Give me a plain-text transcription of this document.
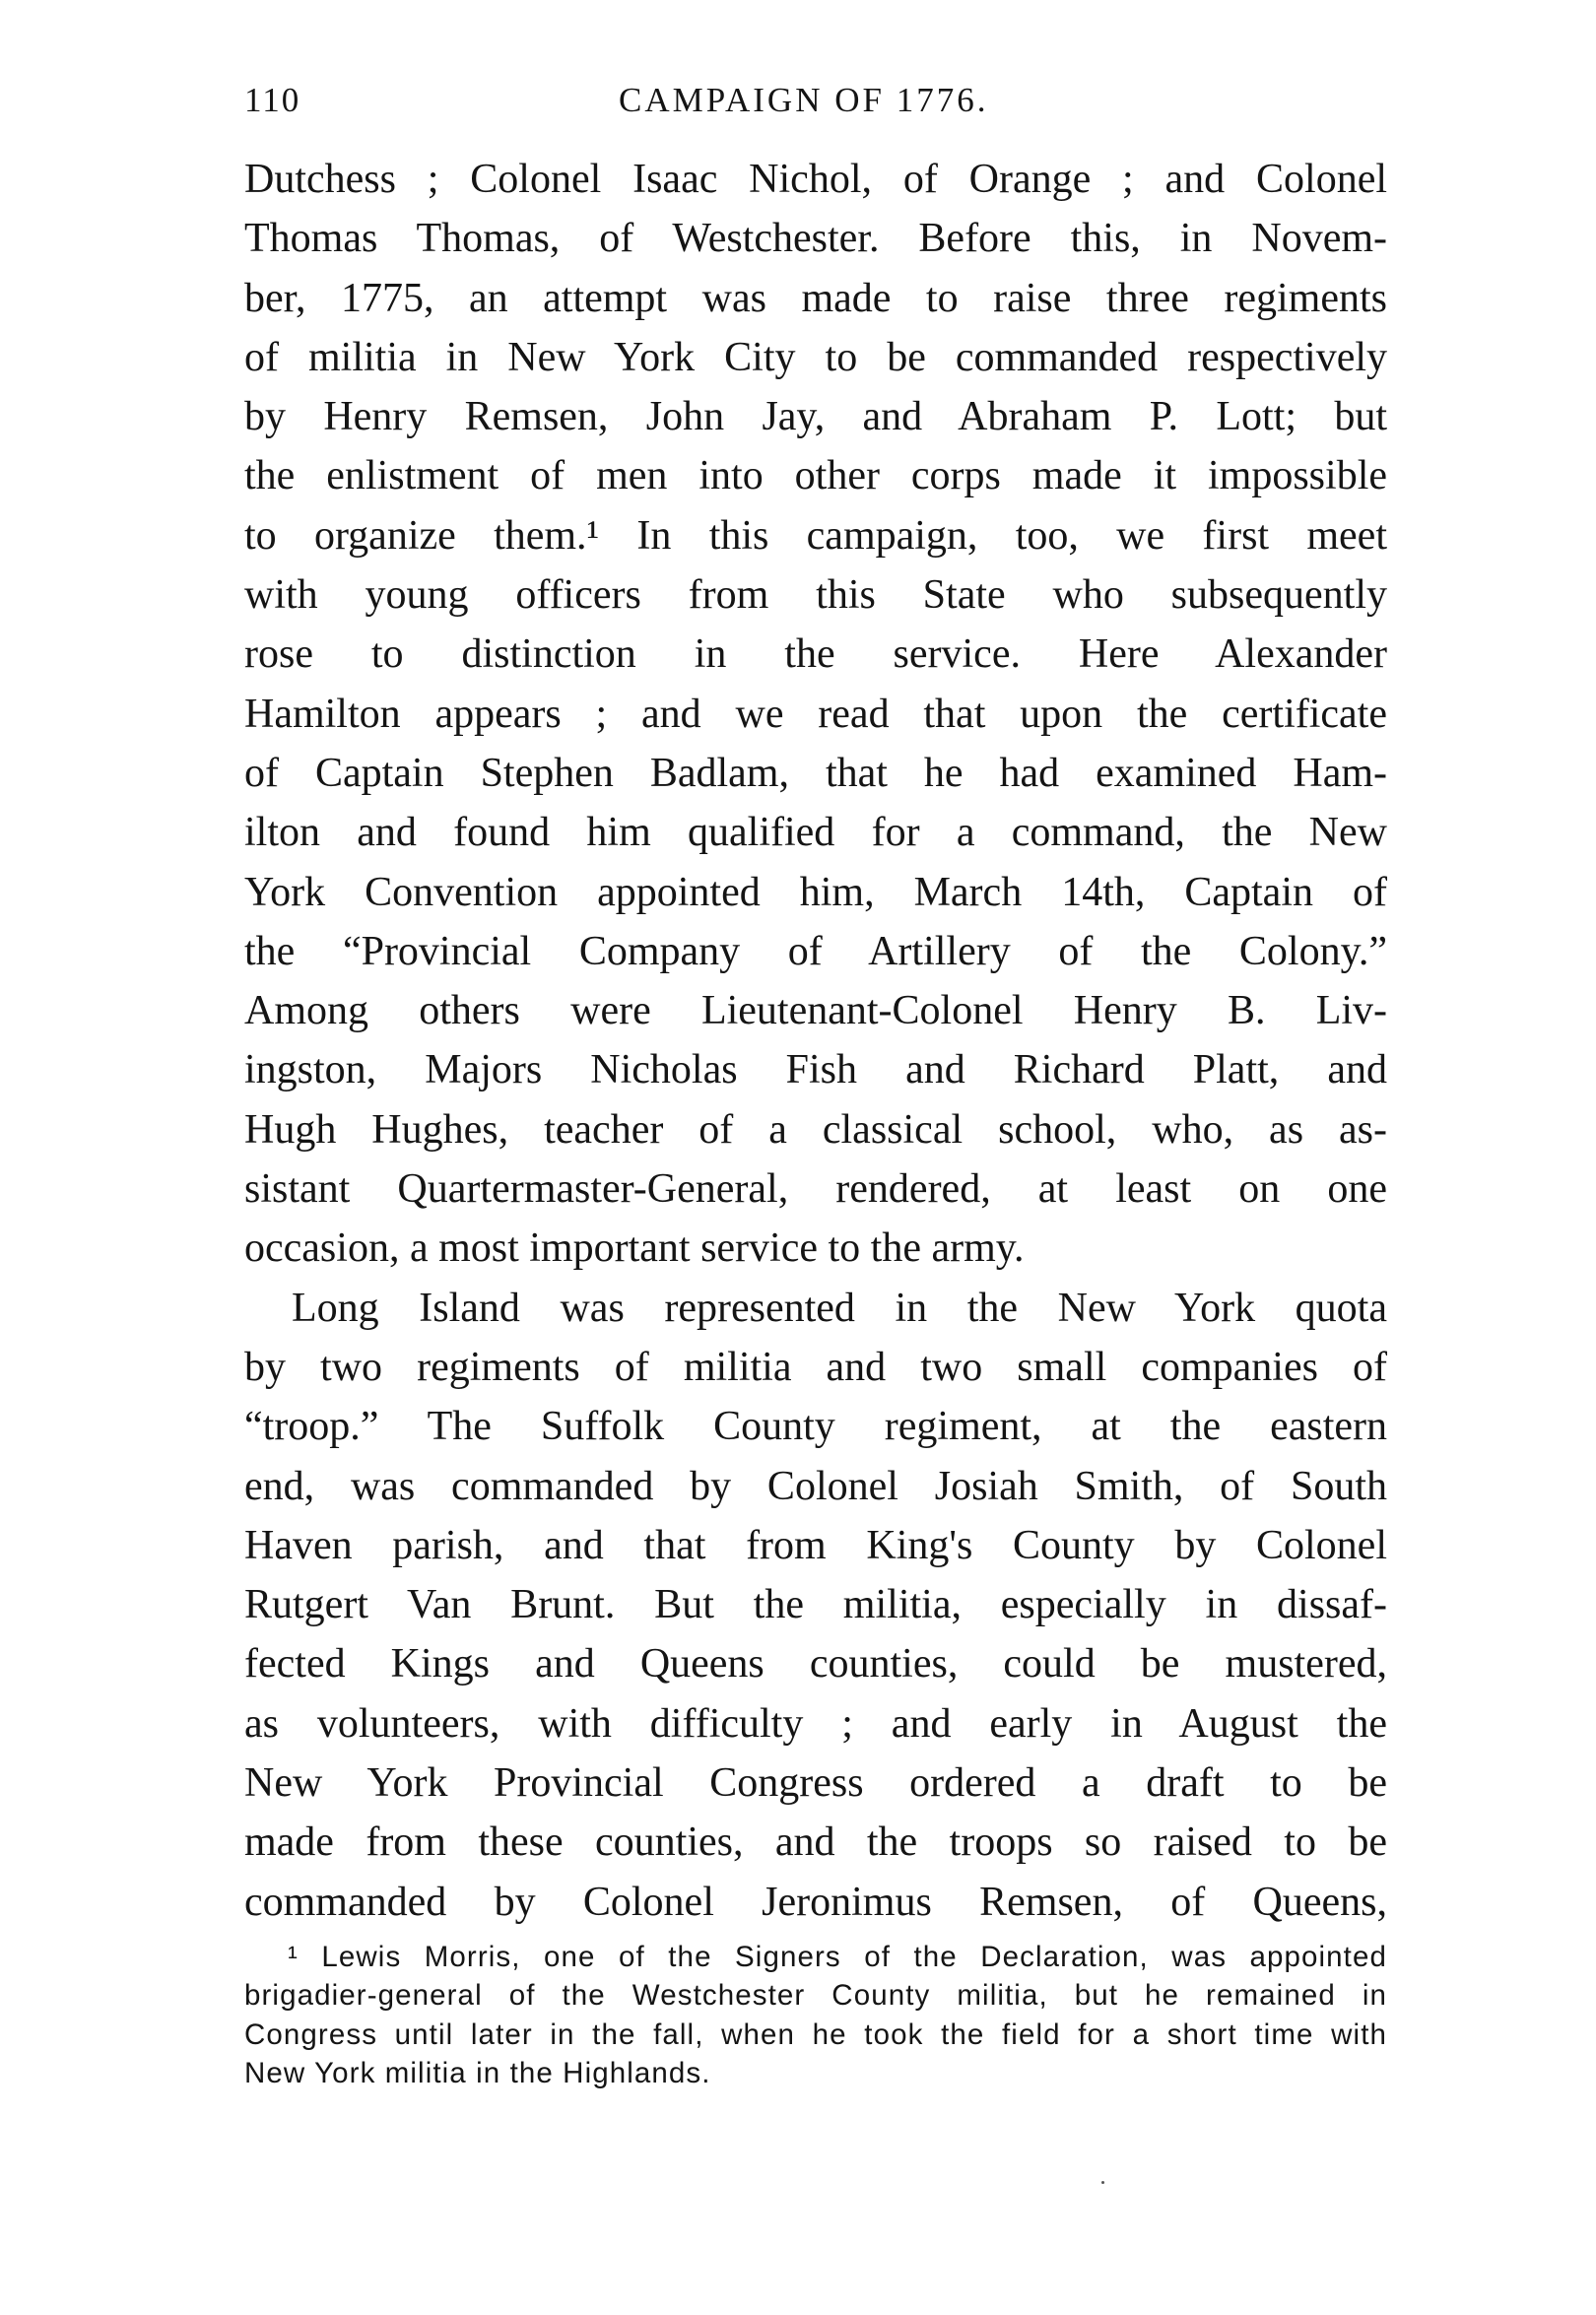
110	CAMPAIGN OF 1776.
Dutchess ; Colonel Isaac Nichol, of Orange ; and Colonel
Thomas Thomas, of Westchester. Before this, in Novem-
ber, 1775, an attempt was made to raise three regiments
of militia in New York City to be commanded respectively
by Henry Remsen, John Jay, and Abraham P. Lott; but
the enlistment of men into other corps made it impossible
to organize them.¹ In this campaign, too, we first meet
with young officers from this State who subsequently
rose to distinction in the service. Here Alexander
Hamilton appears ; and we read that upon the certificate
of Captain Stephen Badlam, that he had examined Ham-
ilton and found him qualified for a command, the New
York Convention appointed him, March 14th, Captain of
the “Provincial Company of Artillery of the Colony.”
Among others were Lieutenant-Colonel Henry B. Liv-
ingston, Majors Nicholas Fish and Richard Platt, and
Hugh Hughes, teacher of a classical school, who, as as-
sistant Quartermaster-General, rendered, at least on one
occasion, a most important service to the army.
Long Island was represented in the New York quota
by two regiments of militia and two small companies of
“troop.” The Suffolk County regiment, at the eastern
end, was commanded by Colonel Josiah Smith, of South
Haven parish, and that from King's County by Colonel
Rutgert Van Brunt. But the militia, especially in dissaf-
fected Kings and Queens counties, could be mustered,
as volunteers, with difficulty ; and early in August the
New York Provincial Congress ordered a draft to be
made from these counties, and the troops so raised to be
commanded by Colonel Jeronimus Remsen, of Queens,
¹ Lewis Morris, one of the Signers of the Declaration, was appointed
brigadier-general of the Westchester County militia, but he remained in
Congress until later in the fall, when he took the field for a short time with
New York militia in the Highlands.
